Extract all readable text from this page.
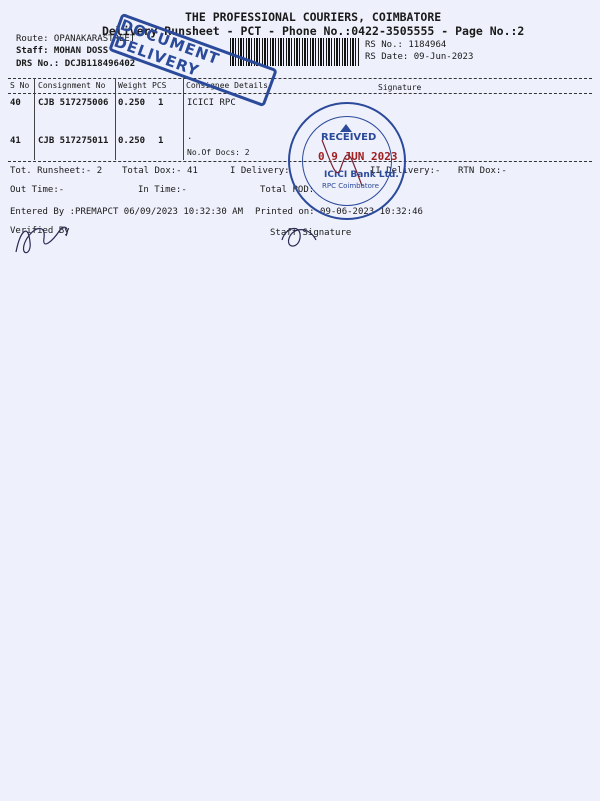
THE PROFESSIONAL COURIERS, COIMBATORE
Delivery Runsheet - PCT - Phone No.:0422-3505555 - Page No.:2
Route: OPANAKARASTREET
Staff: MOHAN DOSS
DRS No.: DCJB118496402
RS No.: 1184964
RS Date: 09-Jun-2023
S No Consignment No Weight PCS Consignee Details	Signature
40 CJB 517275006 0.250 1	ICICI RPC
41 CJB 517275011 0.250 1	.
No.Of Docs: 2
Tot. Runsheet:- 2 Total Dox:- 41	I Delivery:	II Delivery:- RTN Dox:-
Out Time:-	In Time:-	Total POD:
Entered By :PREMAPCT 06/09/2023 10:32:30 AM Printed on: 09-06-2023 10:32:46
Verified By	Staff Signature
DOCUMENT DELIVERY
RECEIVED
0 9 JUN 2023
ICICI Bank Ltd.
RPC Coimbatore
